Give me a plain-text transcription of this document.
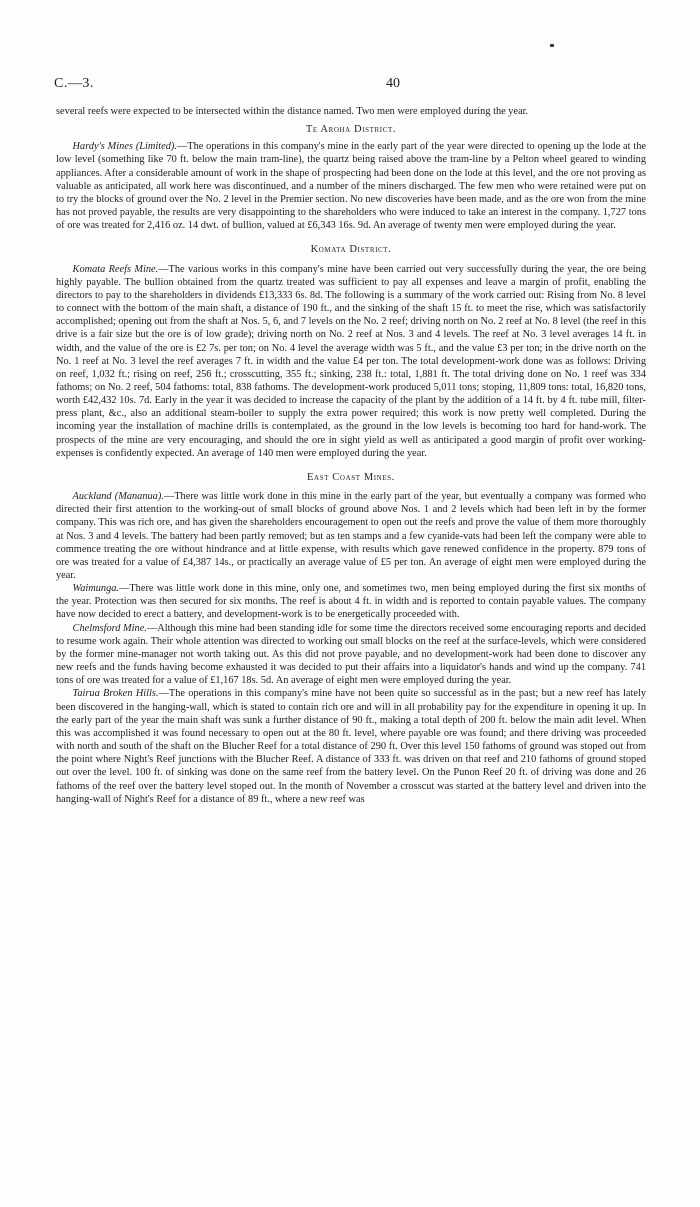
C.—3.	40

several reefs were expected to be intersected within the distance named. Two men were employed during the year.

Te Aroha District.

Hardy's Mines (Limited).—The operations in this company's mine in the early part of the year were directed to opening up the lode at the low level (something like 70 ft. below the main tram-line), the quartz being raised above the tram-line by a Pelton wheel geared to winding appliances. After a considerable amount of work in the shape of prospecting had been done on the lode at this level, and the ore not proving as valuable as anticipated, all work here was discontinued, and a number of the miners discharged. The few men who were retained were put on to try the blocks of ground over the No. 2 level in the Premier section. No new discoveries have been made, and as the ore won from the mine has not proved payable, the results are very disappointing to the shareholders who were induced to take an interest in the company. 1,727 tons of ore was treated for 2,416 oz. 14 dwt. of bullion, valued at £6,343 16s. 9d. An average of twenty men were employed during the year.

Komata District.

Komata Reefs Mine.—The various works in this company's mine have been carried out very successfully during the year, the ore being highly payable. The bullion obtained from the quartz treated was sufficient to pay all expenses and leave a margin of profit, enabling the directors to pay to the shareholders in dividends £13,333 6s. 8d. The following is a summary of the work carried out: Rising from No. 8 level to connect with the bottom of the main shaft, a distance of 190 ft., and the sinking of the shaft 15 ft. to meet the rise, which was satisfactorily accomplished; opening out from the shaft at Nos. 5, 6, and 7 levels on the No. 2 reef; driving north on No. 2 reef at No. 8 level (the reef in this drive is a fair size but the ore is of low grade); driving north on No. 2 reef at Nos. 3 and 4 levels. The reef at No. 3 level averages 14 ft. in width, and the value of the ore is £2 7s. per ton; on No. 4 level the average width was 5 ft., and the value £3 per ton; in the drive north on the No. 1 reef at No. 3 level the reef averages 7 ft. in width and the value £4 per ton. The total development-work done was as follows: Driving on reef, 1,032 ft.; rising on reef, 256 ft.; crosscutting, 355 ft.; sinking, 238 ft.: total, 1,881 ft. The total driving done on No. 1 reef was 334 fathoms; on No. 2 reef, 504 fathoms: total, 838 fathoms. The development-work produced 5,011 tons; stoping, 11,809 tons: total, 16,820 tons, worth £42,432 10s. 7d. Early in the year it was decided to increase the capacity of the plant by the addition of a 14 ft. by 4 ft. tube mill, filter-press plant, &c., also an additional steam-boiler to supply the extra power required; this work is now pretty well completed. During the incoming year the installation of machine drills is contemplated, as the ground in the low levels is becoming too hard for hand-work. The prospects of the mine are very encouraging, and should the ore in sight yield as well as anticipated a good margin of profit over working-expenses is confidently expected. An average of 140 men were employed during the year.

East Coast Mines.

Auckland (Mananua).—There was little work done in this mine in the early part of the year, but eventually a company was formed who directed their first attention to the working-out of small blocks of ground above Nos. 1 and 2 levels which had been left in by the former company. This was rich ore, and has given the shareholders encouragement to open out the reefs and prove the value of them more thoroughly at Nos. 3 and 4 levels. The battery had been partly removed; but as ten stamps and a few cyanide-vats had been left the company were able to commence treating the ore without hindrance and at little expense, with results which gave renewed confidence in the property. 879 tons of ore was treated for a value of £4,387 14s., or practically an average value of £5 per ton. An average of eight men were employed during the year.

Waimunga.—There was little work done in this mine, only one, and sometimes two, men being employed during the first six months of the year. Protection was then secured for six months. The reef is about 4 ft. in width and is reported to contain payable values. The company have now decided to erect a battery, and development-work is to be energetically proceeded with.

Chelmsford Mine.—Although this mine had been standing idle for some time the directors received some encouraging reports and decided to resume work again. Their whole attention was directed to working out small blocks on the reef at the surface-levels, which were considered by the former mine-manager not worth taking out. As this did not prove payable, and no development-work had been done to discover any new reefs and the funds having become exhausted it was decided to put their affairs into a liquidator's hands and wind up the company. 741 tons of ore was treated for a value of £1,167 18s. 5d. An average of eight men were employed during the year.

Tairua Broken Hills.—The operations in this company's mine have not been quite so successful as in the past; but a new reef has lately been discovered in the hanging-wall, which is stated to contain rich ore and will in all probability pay for the expenditure in opening it up. In the early part of the year the main shaft was sunk a further distance of 90 ft., making a total depth of 200 ft. below the main adit level. When this was accomplished it was found necessary to open out at the 80 ft. level, where payable ore was found; and there driving was proceeded with north and south of the shaft on the Blucher Reef for a total distance of 290 ft. Over this level 150 fathoms of ground was stoped out from the point where Night's Reef junctions with the Blucher Reef. A distance of 333 ft. was driven on that reef and 210 fathoms of ground stoped out over the level. 100 ft. of sinking was done on the same reef from the battery level. On the Punon Reef 20 ft. of driving was done and 26 fathoms of the reef over the battery level stoped out. In the month of November a crosscut was started at the battery level and driven into the hanging-wall of Night's Reef for a distance of 89 ft., where a new reef was
